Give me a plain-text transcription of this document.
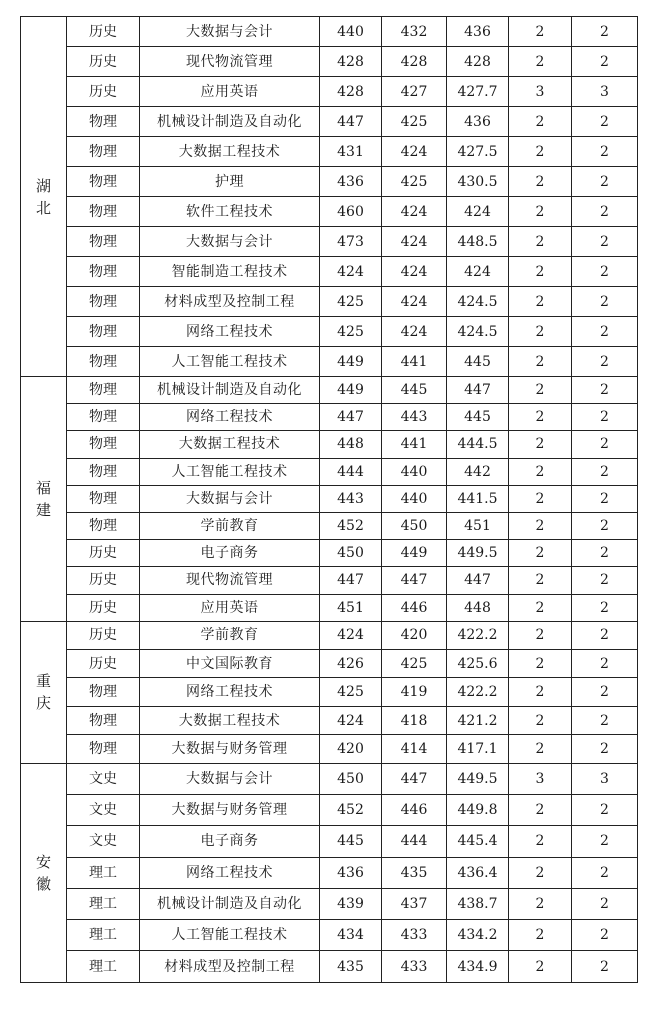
湖
北	历史	大数据与会计	440	432	436	2	2
	历史	现代物流管理	428	428	428	2	2
	历史	应用英语	428	427	427.7	3	3
	物理	机械设计制造及自动化	447	425	436	2	2
	物理	大数据工程技术	431	424	427.5	2	2
	物理	护理	436	425	430.5	2	2
	物理	软件工程技术	460	424	424	2	2
	物理	大数据与会计	473	424	448.5	2	2
	物理	智能制造工程技术	424	424	424	2	2
	物理	材料成型及控制工程	425	424	424.5	2	2
	物理	网络工程技术	425	424	424.5	2	2
	物理	人工智能工程技术	449	441	445	2	2

福
建	物理	机械设计制造及自动化	449	445	447	2	2
	物理	网络工程技术	447	443	445	2	2
	物理	大数据工程技术	448	441	444.5	2	2
	物理	人工智能工程技术	444	440	442	2	2
	物理	大数据与会计	443	440	441.5	2	2
	物理	学前教育	452	450	451	2	2
	历史	电子商务	450	449	449.5	2	2
	历史	现代物流管理	447	447	447	2	2
	历史	应用英语	451	446	448	2	2

重
庆	历史	学前教育	424	420	422.2	2	2
	历史	中文国际教育	426	425	425.6	2	2
	物理	网络工程技术	425	419	422.2	2	2
	物理	大数据工程技术	424	418	421.2	2	2
	物理	大数据与财务管理	420	414	417.1	2	2

安
徽	文史	大数据与会计	450	447	449.5	3	3
	文史	大数据与财务管理	452	446	449.8	2	2
	文史	电子商务	445	444	445.4	2	2
	理工	网络工程技术	436	435	436.4	2	2
	理工	机械设计制造及自动化	439	437	438.7	2	2
	理工	人工智能工程技术	434	433	434.2	2	2
	理工	材料成型及控制工程	435	433	434.9	2	2
